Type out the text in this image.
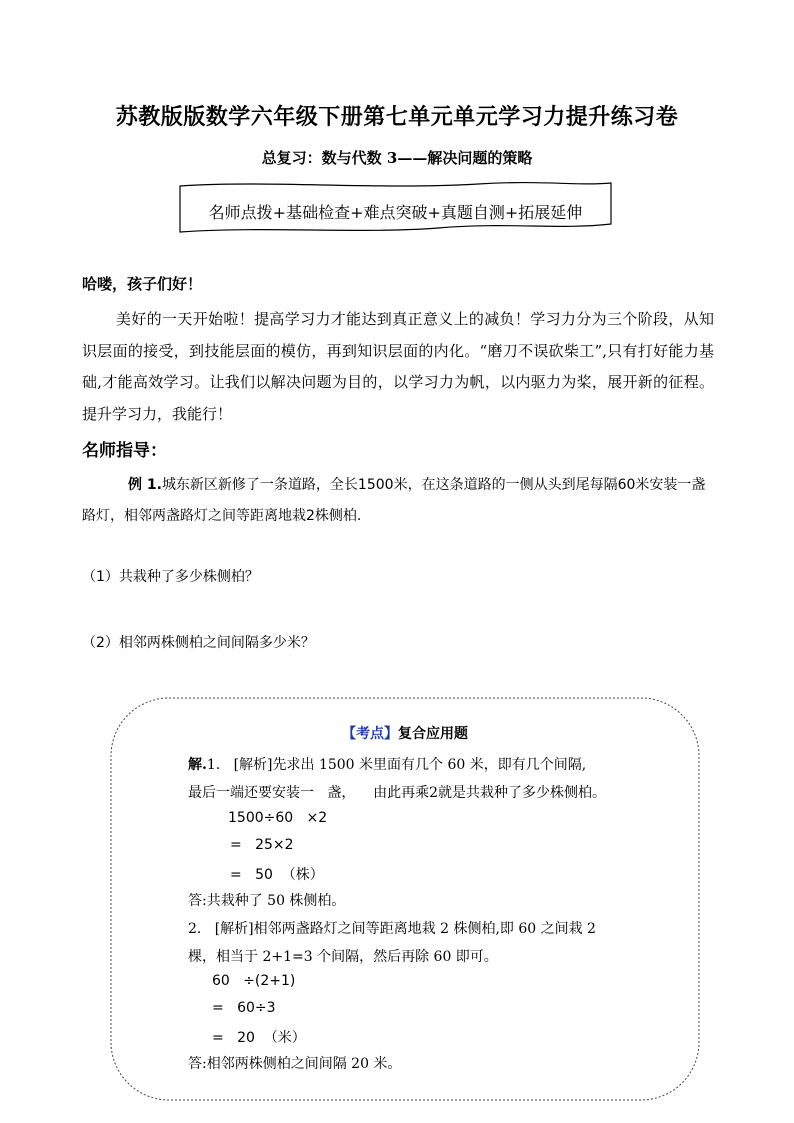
苏教版版数学六年级下册第七单元单元学习力提升练习卷
总复习：数与代数 3——解决问题的策略
名师点拨+基础检查+难点突破+真题自测+拓展延伸
哈喽，孩子们好！
美好的一天开始啦！提高学习力才能达到真正意义上的减负！学习力分为三个阶段，从知识层面的接受，到技能层面的模仿，再到知识层面的内化。“磨刀不误砍柴工”,只有打好能力基础,才能高效学习。让我们以解决问题为目的，以学习力为帆，以内驱力为桨，展开新的征程。提升学习力，我能行！
名师指导：
例 1.城东新区新修了一条道路，全长1500米，在这条道路的一侧从头到尾每隔60米安装一盏路灯，相邻两盏路灯之间等距离地栽2株侧柏.
（1）共栽种了多少株侧柏？
（2）相邻两株侧柏之间间隔多少米？
【考点】复合应用题
解.1.   [解析]先求出 1500 米里面有几个 60 米，即有几个间隔,
最后一端还要安装一   盏，    由此再乘2就是共栽种了多少株侧柏。
1500÷60   ×2
=   25×2
=   50  （株）
答:共栽种了 50 株侧柏。
2.   [解析]相邻两盏路灯之间等距离地栽 2 株侧柏,即 60 之间栽 2
棵，相当于 2+1=3 个间隔，然后再除 60 即可。
60   ÷(2+1)
=   60÷3
=   20  （米）
答:相邻两株侧柏之间间隔 20 米。
